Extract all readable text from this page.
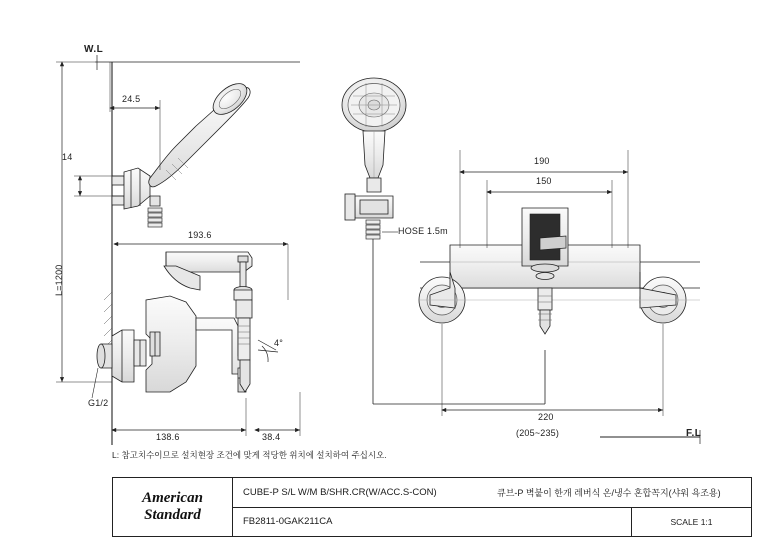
W.L
F.L
24.5
14
L=1200
193.6
138.6	38.4
G1/2
4°
HOSE 1.5m
190
150
220
(205~235)
L: 참고치수이므로 설치현장 조건에 맞게 적당한 위치에 설치하여 주십시오.
American
Standard
CUBE-P S/L W/M B/SHR.CR(W/ACC.S-CON)	큐브-P 벽붙이 한개 레버식 온/냉수 혼합꼭지(샤워 욕조용)
FB2811-0GAK211CA	SCALE 1:1
